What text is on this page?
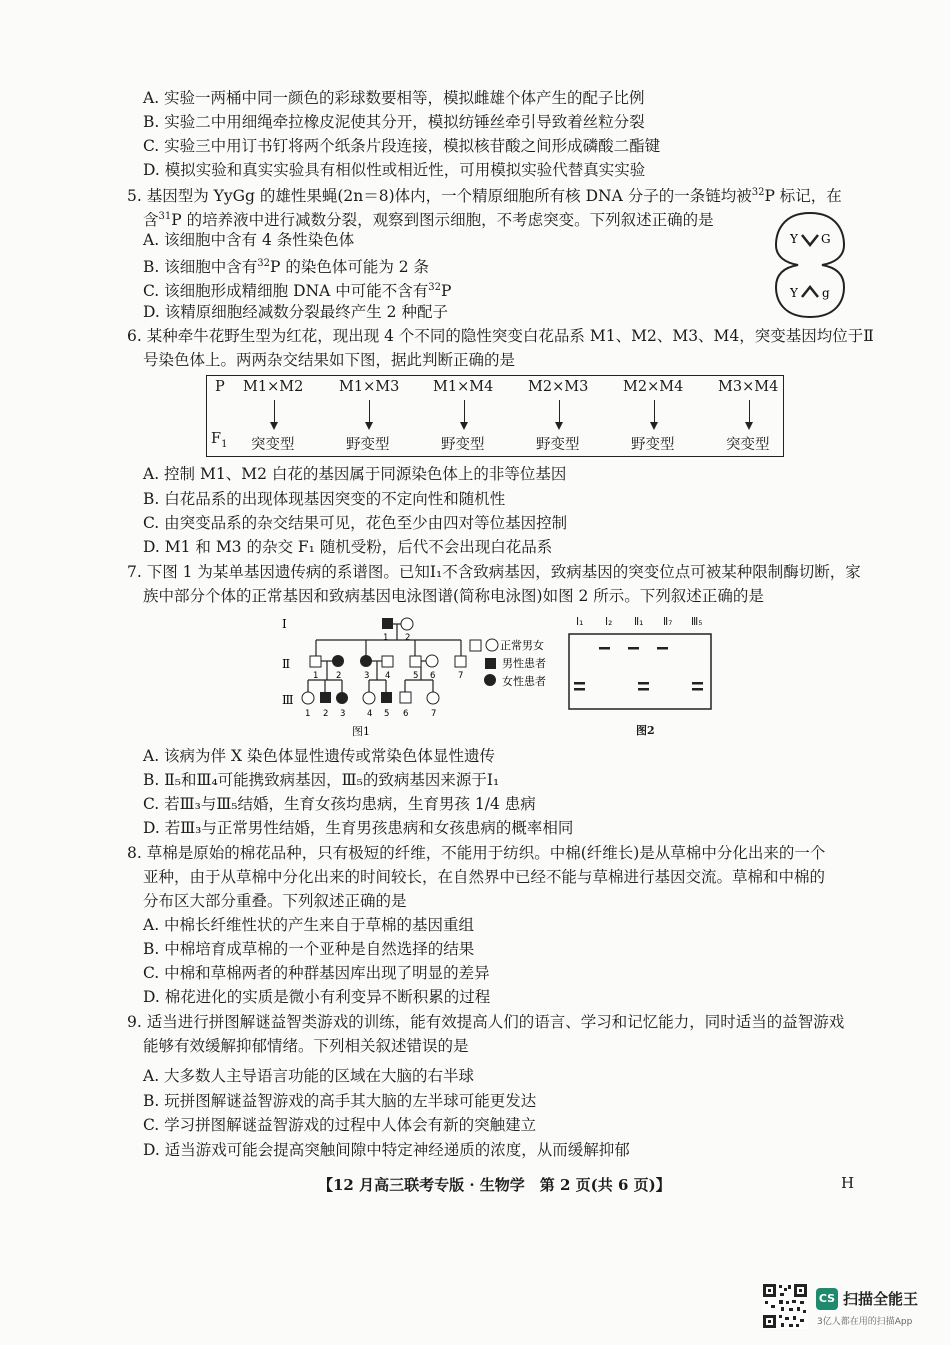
A. 实验一两桶中同一颜色的彩球数要相等，模拟雌雄个体产生的配子比例
B. 实验二中用细绳牵拉橡皮泥使其分开，模拟纺锤丝牵引导致着丝粒分裂
C. 实验三中用订书钉将两个纸条片段连接，模拟核苷酸之间形成磷酸二酯键
D. 模拟实验和真实实验具有相似性或相近性，可用模拟实验代替真实实验
5. 基因型为 YyGg 的雄性果蝇(2n＝8)体内，一个精原细胞所有核 DNA 分子的一条链均被$^{32}$P 标记，在
含$^{31}$P 的培养液中进行减数分裂，观察到图示细胞，不考虑突变。下列叙述正确的是
A. 该细胞中含有 4 条性染色体
B. 该细胞中含有$^{32}$P 的染色体可能为 2 条
C. 该细胞形成精细胞 DNA 中可能不含有$^{32}$P
D. 该精原细胞经减数分裂最终产生 2 种配子
Y G
Y g
6. 某种牵牛花野生型为红花，现出现 4 个不同的隐性突变白花品系 M1、M2、M3、M4，突变基因均位于Ⅱ
号染色体上。两两杂交结果如下图，据此判断正确的是
P
$F_1$
M1×M2 M1×M3 M1×M4 M2×M3 M2×M4 M3×M4
突变型	野变型	野变型	野变型	野变型	突变型
A. 控制 M1、M2 白花的基因属于同源染色体上的非等位基因
B. 白花品系的出现体现基因突变的不定向性和随机性
C. 由突变品系的杂交结果可见，花色至少由四对等位基因控制
D. M1 和 M3 的杂交 F₁ 随机受粉，后代不会出现白花品系
7. 下图 1 为某单基因遗传病的系谱图。已知Ⅰ₁不含致病基因，致病基因的突变位点可被某种限制酶切断，家
族中部分个体的正常基因和致病基因电泳图谱(简称电泳图)如图 2 所示。下列叙述正确的是
Ⅰ
Ⅱ
Ⅲ
1 2
1 2	3 4	5 6	7
1 2 3	4 5 6	7
正常男女
男性患者
女性患者
图1
Ⅰ₁ Ⅰ₂ Ⅱ₁ Ⅱ₇ Ⅲ₅
图2
A. 该病为伴 X 染色体显性遗传或常染色体显性遗传
B. Ⅱ₅和Ⅲ₄可能携致病基因，Ⅲ₅的致病基因来源于Ⅰ₁
C. 若Ⅲ₃与Ⅲ₅结婚，生育女孩均患病，生育男孩 1/4 患病
D. 若Ⅲ₃与正常男性结婚，生育男孩患病和女孩患病的概率相同
8. 草棉是原始的棉花品种，只有极短的纤维，不能用于纺织。中棉(纤维长)是从草棉中分化出来的一个
亚种，由于从草棉中分化出来的时间较长，在自然界中已经不能与草棉进行基因交流。草棉和中棉的
分布区大部分重叠。下列叙述正确的是
A. 中棉长纤维性状的产生来自于草棉的基因重组
B. 中棉培育成草棉的一个亚种是自然选择的结果
C. 中棉和草棉两者的种群基因库出现了明显的差异
D. 棉花进化的实质是微小有利变异不断积累的过程
9. 适当进行拼图解谜益智类游戏的训练，能有效提高人们的语言、学习和记忆能力，同时适当的益智游戏
能够有效缓解抑郁情绪。下列相关叙述错误的是
A. 大多数人主导语言功能的区域在大脑的右半球
B. 玩拼图解谜益智游戏的高手其大脑的左半球可能更发达
C. 学习拼图解谜益智游戏的过程中人体会有新的突触建立
D. 适当游戏可能会提高突触间隙中特定神经递质的浓度，从而缓解抑郁
【12 月高三联考专版 · 生物学　第 2 页(共 6 页)】	H
CS 扫描全能王
3亿人都在用的扫描App
